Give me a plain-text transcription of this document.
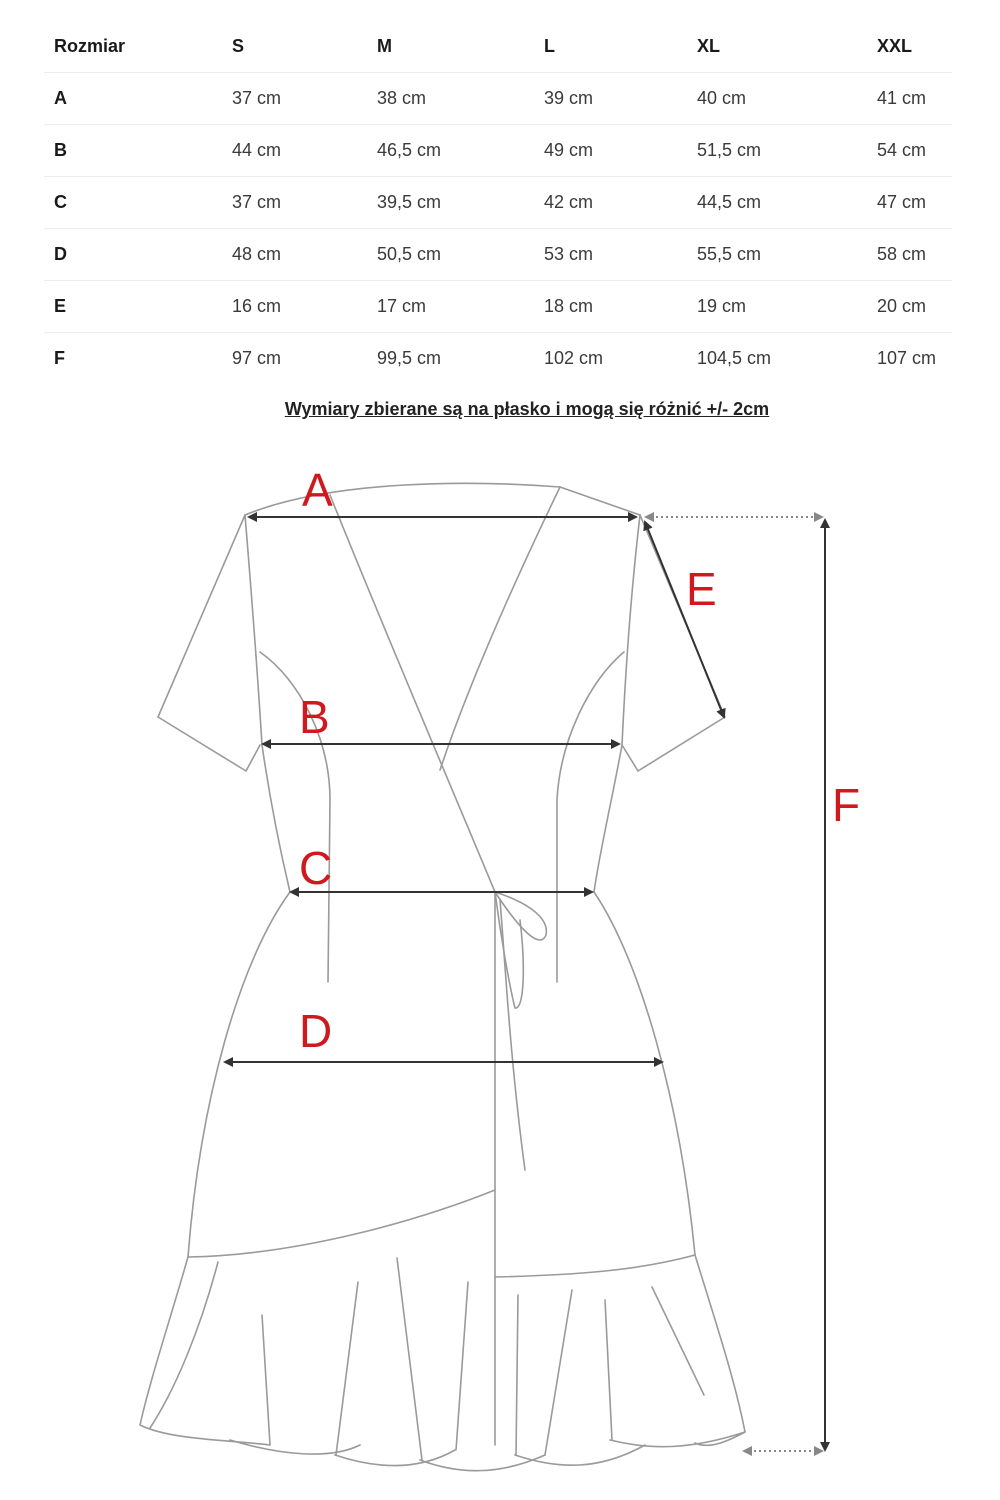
Rozmiar	S	M	L	XL	XXL
A	37 cm	38 cm	39 cm	40 cm	41 cm
B	44 cm	46,5 cm	49 cm	51,5 cm	54 cm
C	37 cm	39,5 cm	42 cm	44,5 cm	47 cm
D	48 cm	50,5 cm	53 cm	55,5 cm	58 cm
E	16 cm	17 cm	18 cm	19 cm	20 cm
F	97 cm	99,5 cm	102 cm	104,5 cm	107 cm
Wymiary zbierane są na płasko i mogą się różnić +/- 2cm
A
B
C
D
E
F
